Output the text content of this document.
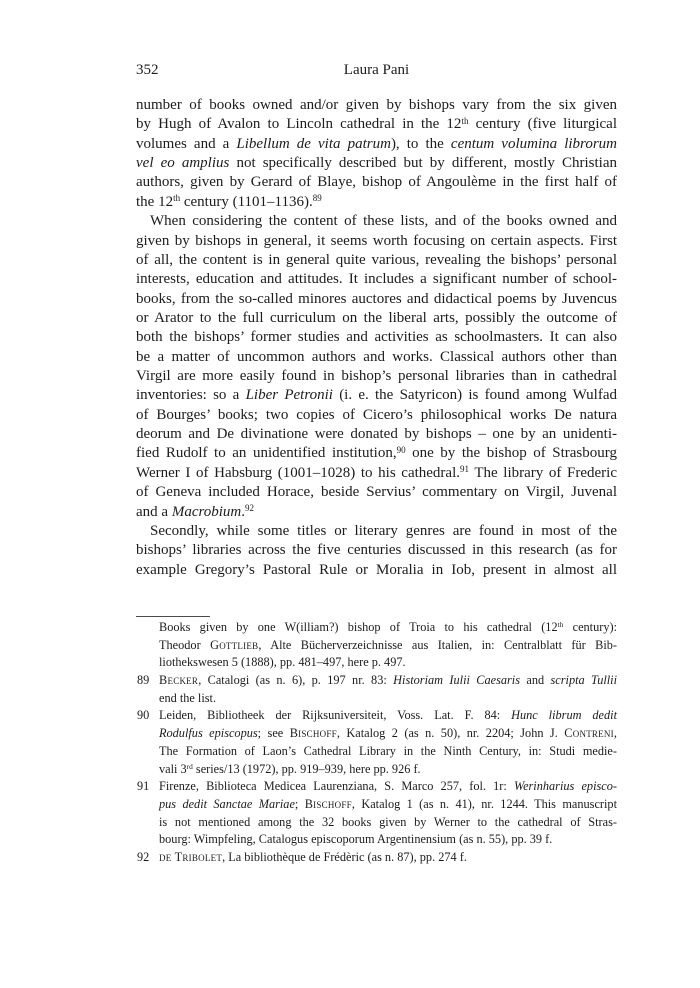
352	Laura Pani
number of books owned and/or given by bishops vary from the six given
by Hugh of Avalon to Lincoln cathedral in the 12th century (five liturgical
volumes and a Libellum de vita patrum), to the centum volumina librorum
vel eo amplius not specifically described but by different, mostly Christian
authors, given by Gerard of Blaye, bishop of Angoulème in the first half of
the 12th century (1101–1136).$^{89}$
When considering the content of these lists, and of the books owned and
given by bishops in general, it seems worth focusing on certain aspects. First
of all, the content is in general quite various, revealing the bishops’ personal
interests, education and attitudes. It includes a significant number of school-
books, from the so-called minores auctores and didactical poems by Juvencus
or Arator to the full curriculum on the liberal arts, possibly the outcome of
both the bishops’ former studies and activities as schoolmasters. It can also
be a matter of uncommon authors and works. Classical authors other than
Virgil are more easily found in bishop’s personal libraries than in cathedral
inventories: so a Liber Petronii (i. e. the Satyricon) is found among Wulfad
of Bourges’ books; two copies of Cicero’s philosophical works De natura
deorum and De divinatione were donated by bishops – one by an unidenti-
fied Rudolf to an unidentified institution,$^{90}$ one by the bishop of Strasbourg
Werner I of Habsburg (1001–1028) to his cathedral.$^{91}$ The library of Frederic
of Geneva included Horace, beside Servius’ commentary on Virgil, Juvenal
and a Macrobium.$^{92}$
Secondly, while some titles or literary genres are found in most of the
bishops’ libraries across the five centuries discussed in this research (as for
example Gregory’s Pastoral Rule or Moralia in Iob, present in almost all
Books given by one W(illiam?) bishop of Troia to his cathedral (12th century):
Theodor Gottlieb, Alte Bücherverzeichnisse aus Italien, in: Centralblatt für Bib-
liothekswesen 5 (1888), pp. 481–497, here p. 497.
89 Becker, Catalogi (as n. 6), p. 197 nr. 83: Historiam Iulii Caesaris and scripta Tullii
end the list.
90 Leiden, Bibliotheek der Rijksuniversiteit, Voss. Lat. F. 84: Hunc librum dedit
Rodulfus episcopus; see Bischoff, Katalog 2 (as n. 50), nr. 2204; John J. Contreni,
The Formation of Laon’s Cathedral Library in the Ninth Century, in: Studi medie-
vali 3rd series/13 (1972), pp. 919–939, here pp. 926 f.
91 Firenze, Biblioteca Medicea Laurenziana, S. Marco 257, fol. 1r: Werinharius episco-
pus dedit Sanctae Mariae; Bischoff, Katalog 1 (as n. 41), nr. 1244. This manuscript
is not mentioned among the 32 books given by Werner to the cathedral of Stras-
bourg: Wimpfeling, Catalogus episcoporum Argentinensium (as n. 55), pp. 39 f.
92 de Tribolet, La bibliothèque de Frédèric (as n. 87), pp. 274 f.
